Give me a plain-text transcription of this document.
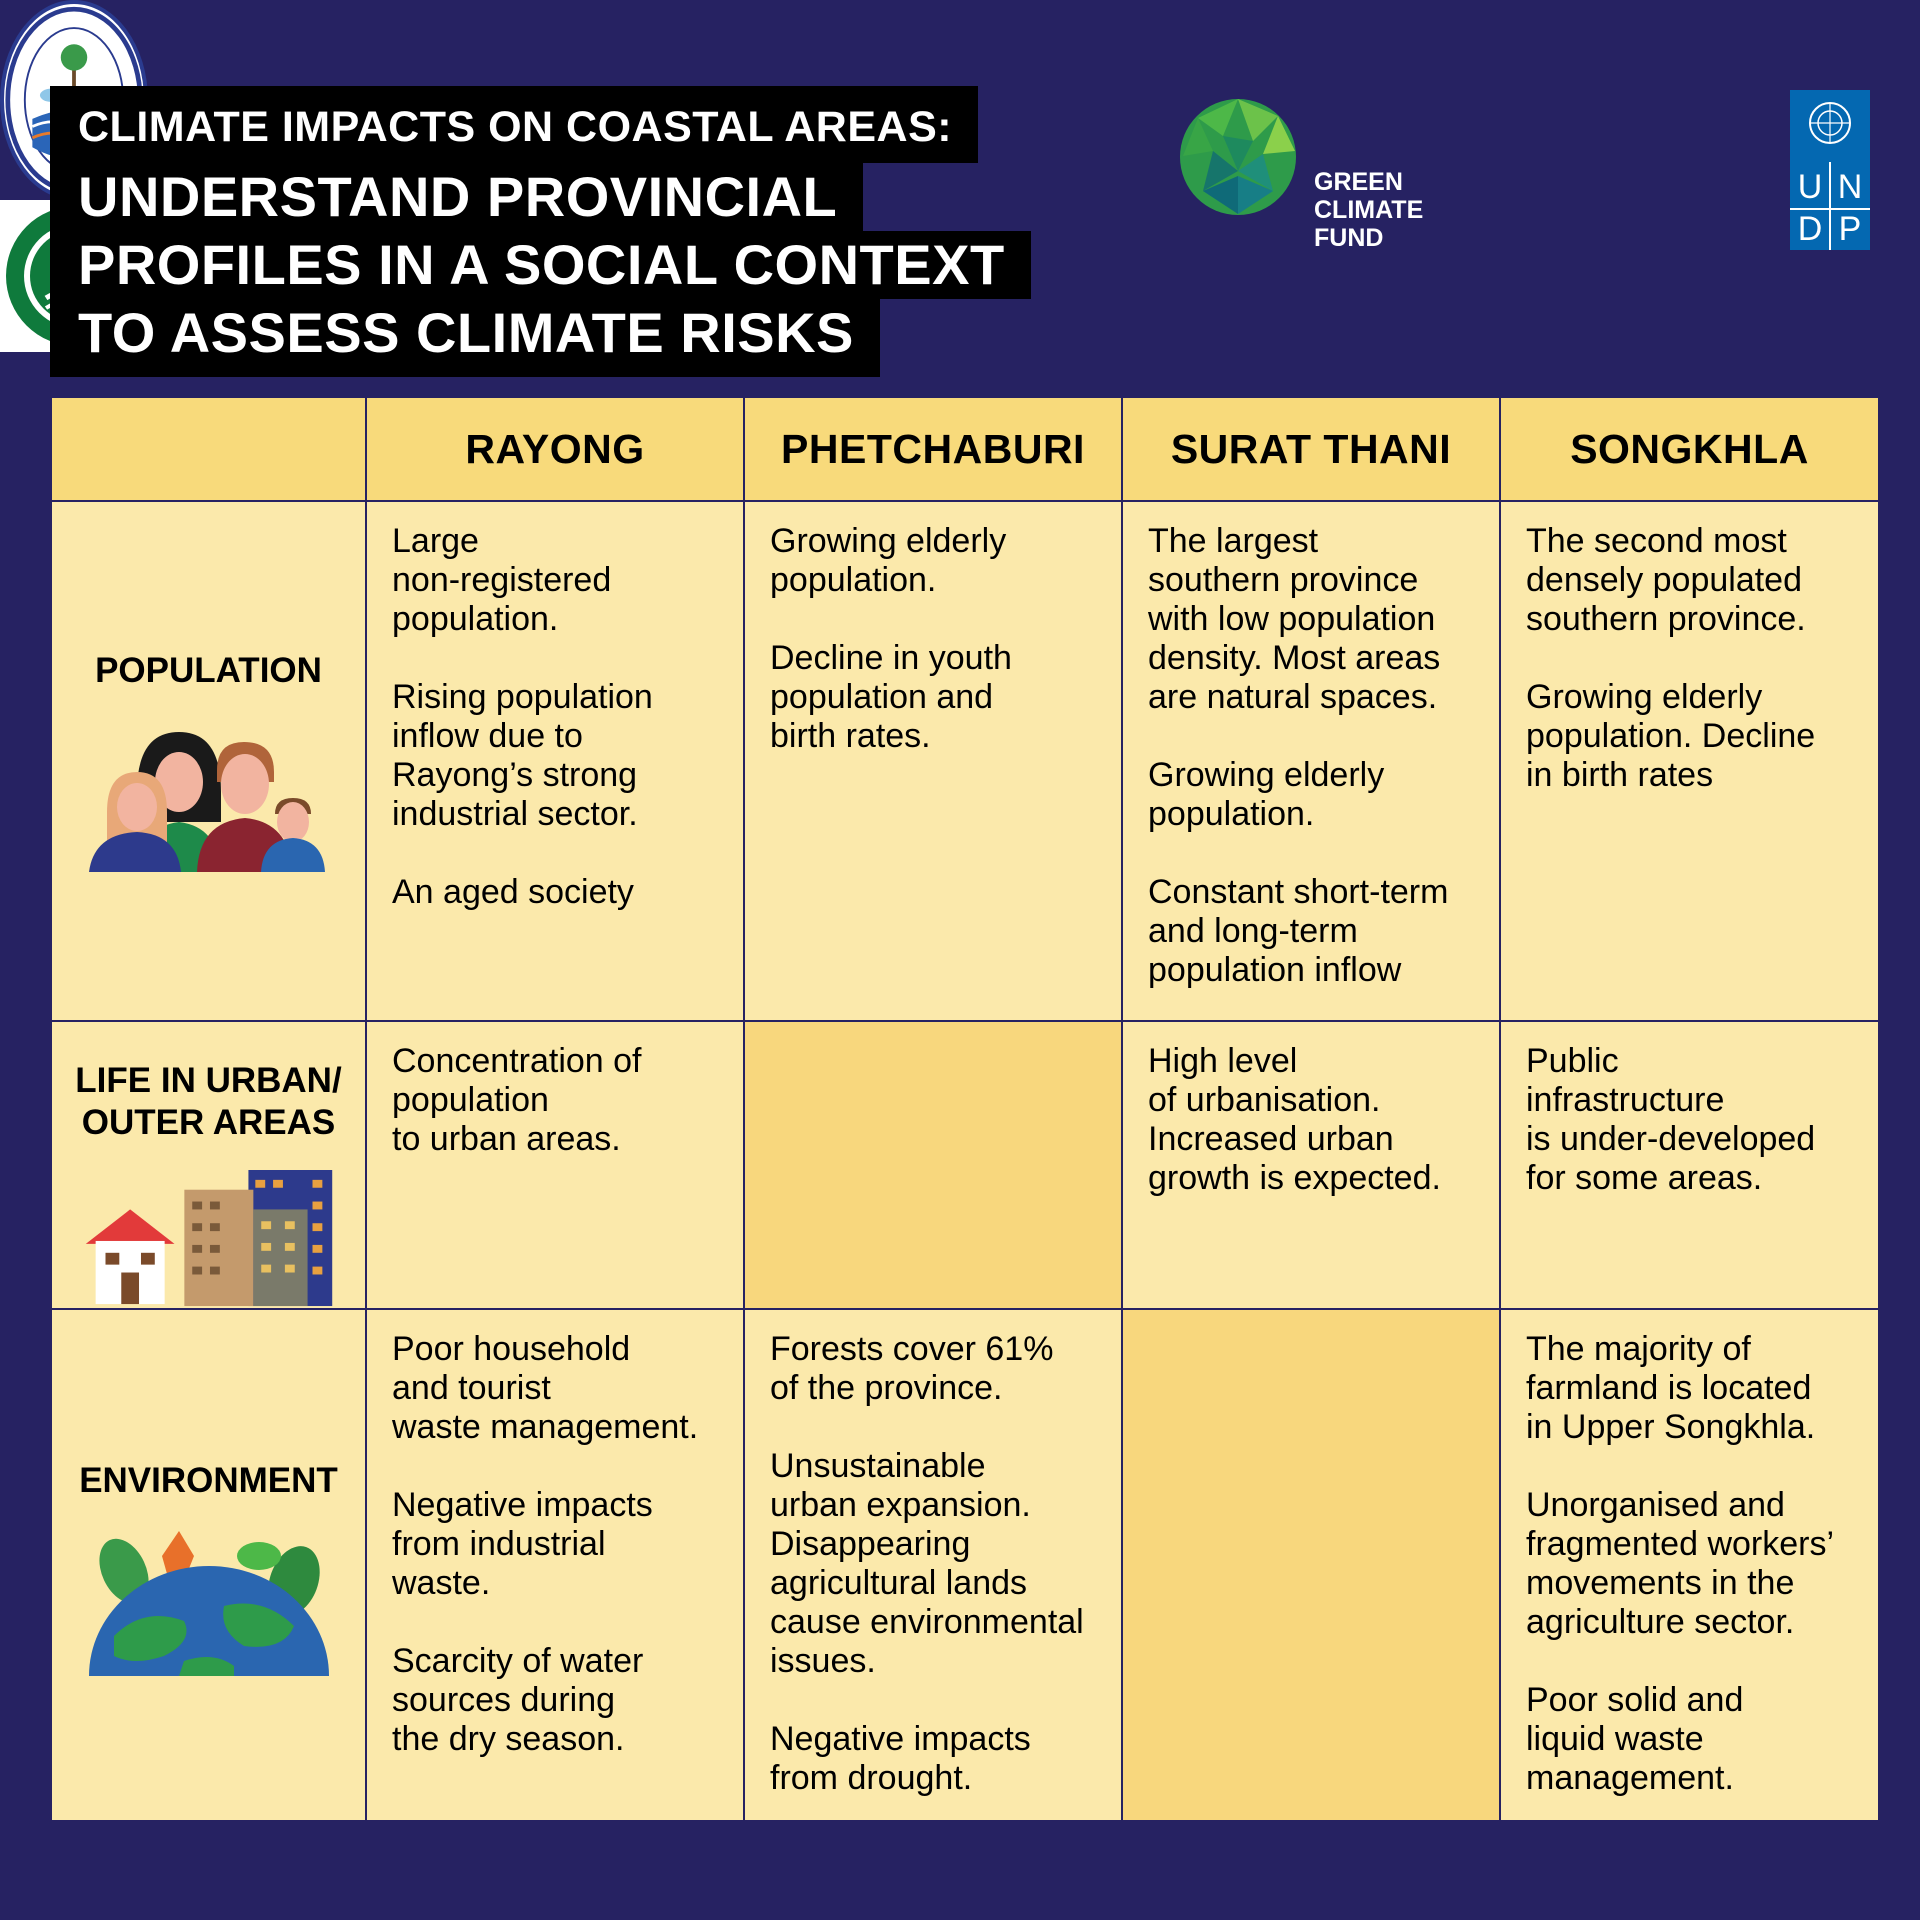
CLIMATE IMPACTS ON COASTAL AREAS:
UNDERSTAND PROVINCIAL
PROFILES IN A SOCIAL CONTEXT
TO ASSESS CLIMATE RISKS
GREEN
CLIMATE
FUND
U N
D P
RAYONG	PHETCHABURI SURAT THANI	SONGKHLA
POPULATION

Large
non-registered
population.

Rising population
inflow due to
Rayong’s strong
industrial sector.

An aged society

Growing elderly
population.

Decline in youth
population and
birth rates.

The largest
southern province
with low population
density. Most areas
are natural spaces.

Growing elderly
population.

Constant short-term
and long-term
population inflow

The second most
densely populated
southern province.

Growing elderly
population. Decline
in birth rates

LIFE IN URBAN/
OUTER AREAS

Concentration of
population
to urban areas.

High level
of urbanisation.
Increased urban
growth is expected.

Public
infrastructure
is under-developed
for some areas.

ENVIRONMENT

Poor household
and tourist
waste management.

Negative impacts
from industrial
waste.

Scarcity of water
sources during
the dry season.

Forests cover 61%
of the province.

Unsustainable
urban expansion.
Disappearing
agricultural lands
cause environmental
issues.

Negative impacts
from drought.

The majority of
farmland is located
in Upper Songkhla.

Unorganised and
fragmented workers’
movements in the
agriculture sector.

Poor solid and
liquid waste
management.
